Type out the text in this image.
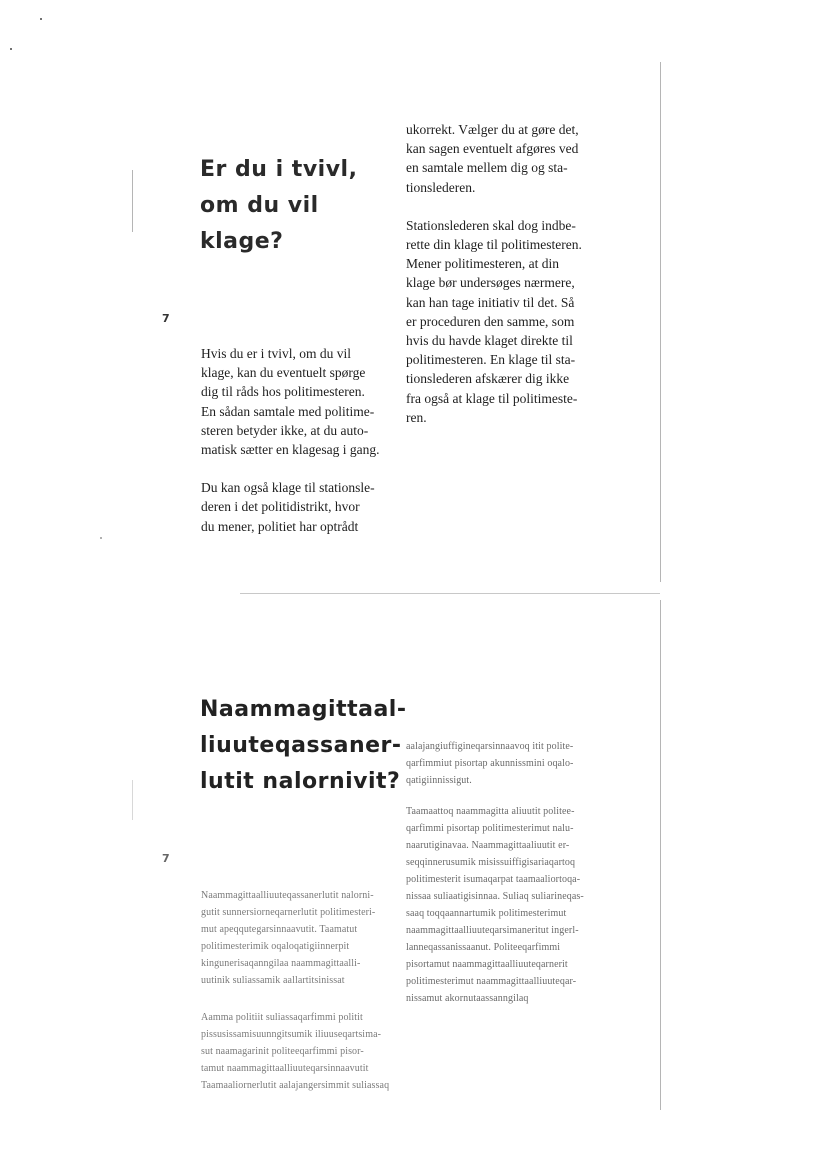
Er du i tvivl,
om du vil
klage?
7

Hvis du er i tvivl, om du vil
klage, kan du eventuelt spørge
dig til råds hos politimesteren.
En sådan samtale med politime-
steren betyder ikke, at du auto-
matisk sætter en klagesag i gang.

Du kan også klage til stationsle-
deren i det politidistrikt, hvor
du mener, politiet har optrådt

ukorrekt. Vælger du at gøre det,
kan sagen eventuelt afgøres ved
en samtale mellem dig og sta-
tionslederen.

Stationslederen skal dog indbe-
rette din klage til politimesteren.
Mener politimesteren, at din
klage bør undersøges nærmere,
kan han tage initiativ til det. Så
er proceduren den samme, som
hvis du havde klaget direkte til
politimesteren. En klage til sta-
tionslederen afskærer dig ikke
fra også at klage til politimeste-
ren.

Naammagittaal-
liuuteqassaner-
lutit nalornivit?
7

Naammagittaalliuuteqassanerlutit nalorni-
gutit sunnersiorneqarnerlutit politimesteri-
mut apeqqutegarsinnaavutit. Taamatut
politimesterimik oqaloqatigiinnerpit
kingunerisaqanngilaa naammagittaalli-
uutinik suliassamik aallartitsinissat

Aamma politiit suliassaqarfimmi politit
pissusissamisuunngitsumik iliuuseqartsima-
sut naamagarinit politeeqarfimmi pisor-
tamut naammagittaalliuuteqarsinnaavutit
Taamaaliornerlutit aalajangersimmit suliassaq

aalajangiuffigineqarsinnaavoq itit polite-
qarfimmiut pisortap akunnissmini oqalo-
qatigiinnissigut.

Taamaattoq naammagitta aliuutit politee-
qarfimmi pisortap politimesterimut nalu-
naarutiginavaa. Naammagittaaliuutit er-
seqqinnerusumik misissuiffigisariaqartoq
politimesterit isumaqarpat taamaaliortoqa-
nissaa suliaatigisinnaa. Suliaq suliarineqas-
saaq toqqaannartumik politimesterimut
naammagittaalliuuteqarsimaneritut ingerl-
lanneqassanissaanut. Politeeqarfimmi
pisortamut naammagittaalliuuteqarnerit
politimesterimut naammagittaalliuuteqar-
nissamut akornutaassanngilaq
